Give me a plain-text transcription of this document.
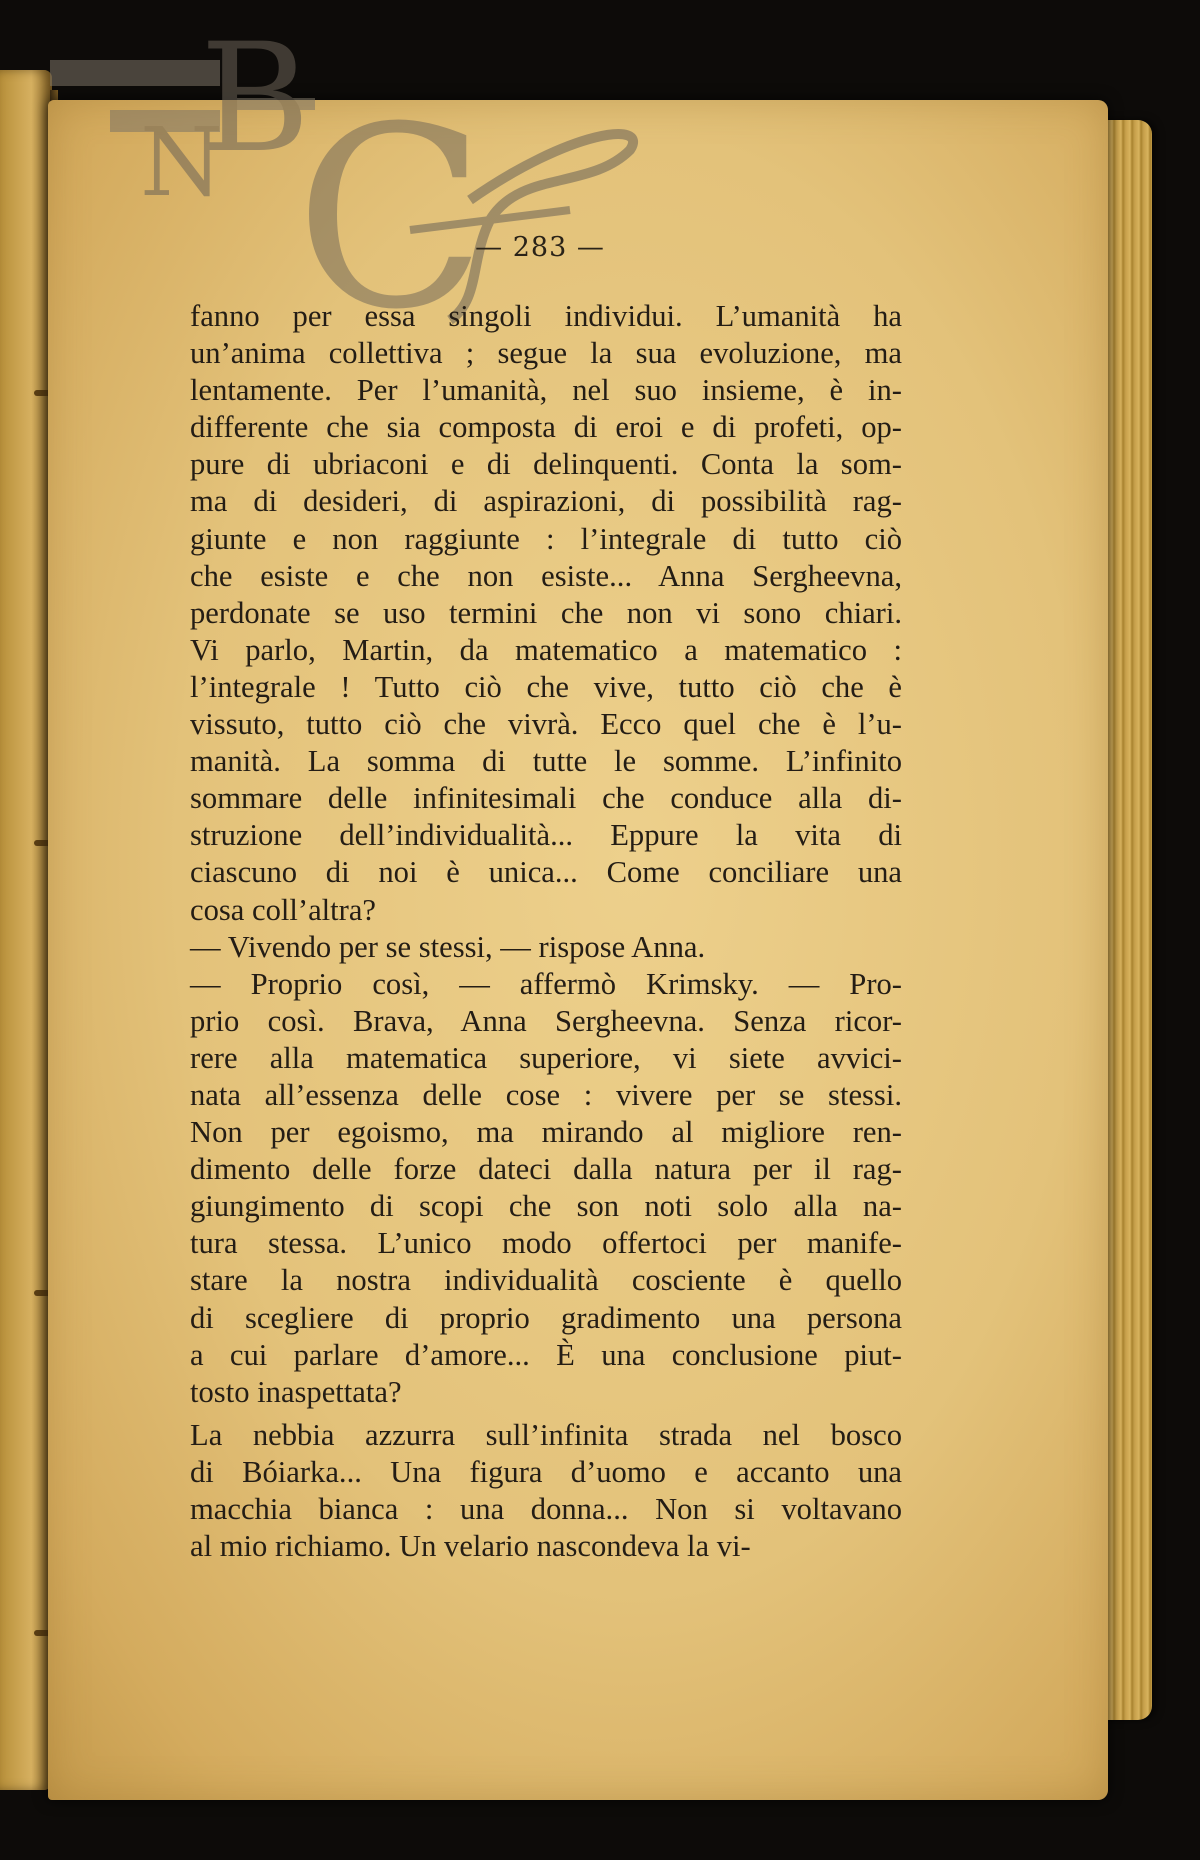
B
N C
— 283 —
fanno per essa singoli individui. L’umanità ha
un’anima collettiva ; segue la sua evoluzione, ma
lentamente. Per l’umanità, nel suo insieme, è in-
differente che sia composta di eroi e di profeti, op-
pure di ubriaconi e di delinquenti. Conta la som-
ma di desideri, di aspirazioni, di possibilità rag-
giunte e non raggiunte : l’integrale di tutto ciò
che esiste e che non esiste... Anna Sergheevna,
perdonate se uso termini che non vi sono chiari.
Vi parlo, Martin, da matematico a matematico :
l’integrale ! Tutto ciò che vive, tutto ciò che è
vissuto, tutto ciò che vivrà. Ecco quel che è l’u-
manità. La somma di tutte le somme. L’infinito
sommare delle infinitesimali che conduce alla di-
struzione dell’individualità... Eppure la vita di
ciascuno di noi è unica... Come conciliare una
cosa coll’altra?
— Vivendo per se stessi, — rispose Anna.
— Proprio così, — affermò Krimsky. — Pro-
prio così. Brava, Anna Sergheevna. Senza ricor-
rere alla matematica superiore, vi siete avvici-
nata all’essenza delle cose : vivere per se stessi.
Non per egoismo, ma mirando al migliore ren-
dimento delle forze dateci dalla natura per il rag-
giungimento di scopi che son noti solo alla na-
tura stessa. L’unico modo offertoci per manife-
stare la nostra individualità cosciente è quello
di scegliere di proprio gradimento una persona
a cui parlare d’amore... È una conclusione piut-
tosto inaspettata?
La nebbia azzurra sull’infinita strada nel bosco
di Bóiarka... Una figura d’uomo e accanto una
macchia bianca : una donna... Non si voltavano
al mio richiamo. Un velario nascondeva la vi-
